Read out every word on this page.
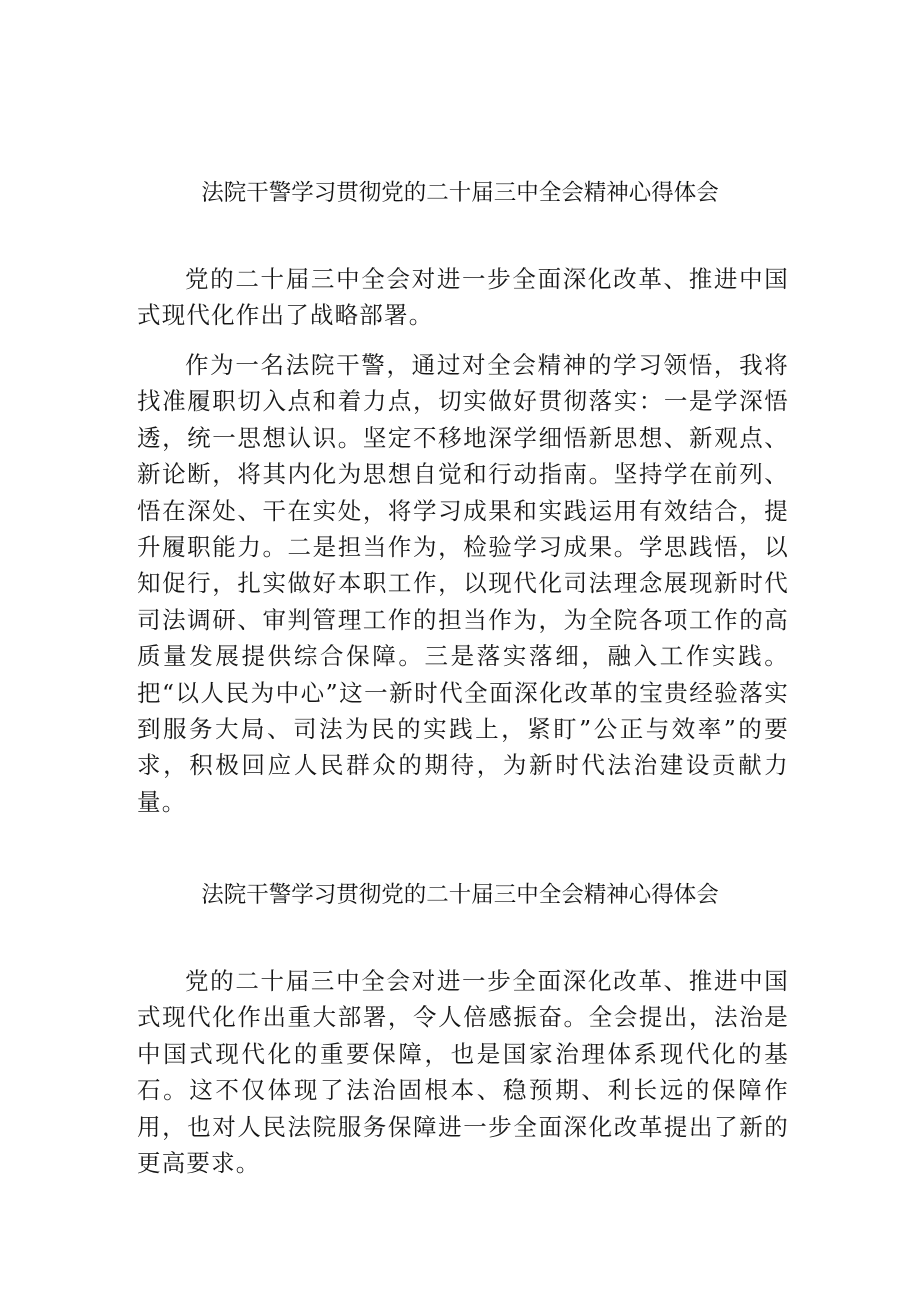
法院干警学习贯彻党的二十届三中全会精神心得体会

党的二十届三中全会对进一步全面深化改革、推进中国式现代化作出了战略部署。

作为一名法院干警，通过对全会精神的学习领悟，我将找准履职切入点和着力点，切实做好贯彻落实：一是学深悟透，统一思想认识。坚定不移地深学细悟新思想、新观点、新论断，将其内化为思想自觉和行动指南。坚持学在前列、悟在深处、干在实处，将学习成果和实践运用有效结合，提升履职能力。二是担当作为，检验学习成果。学思践悟，以知促行，扎实做好本职工作，以现代化司法理念展现新时代司法调研、审判管理工作的担当作为，为全院各项工作的高质量发展提供综合保障。三是落实落细，融入工作实践。把“以人民为中心”这一新时代全面深化改革的宝贵经验落实到服务大局、司法为民的实践上，紧盯”公正与效率”的要求，积极回应人民群众的期待，为新时代法治建设贡献力量。

法院干警学习贯彻党的二十届三中全会精神心得体会

党的二十届三中全会对进一步全面深化改革、推进中国式现代化作出重大部署，令人倍感振奋。全会提出，法治是中国式现代化的重要保障，也是国家治理体系现代化的基石。这不仅体现了法治固根本、稳预期、利长远的保障作用，也对人民法院服务保障进一步全面深化改革提出了新的更高要求。
